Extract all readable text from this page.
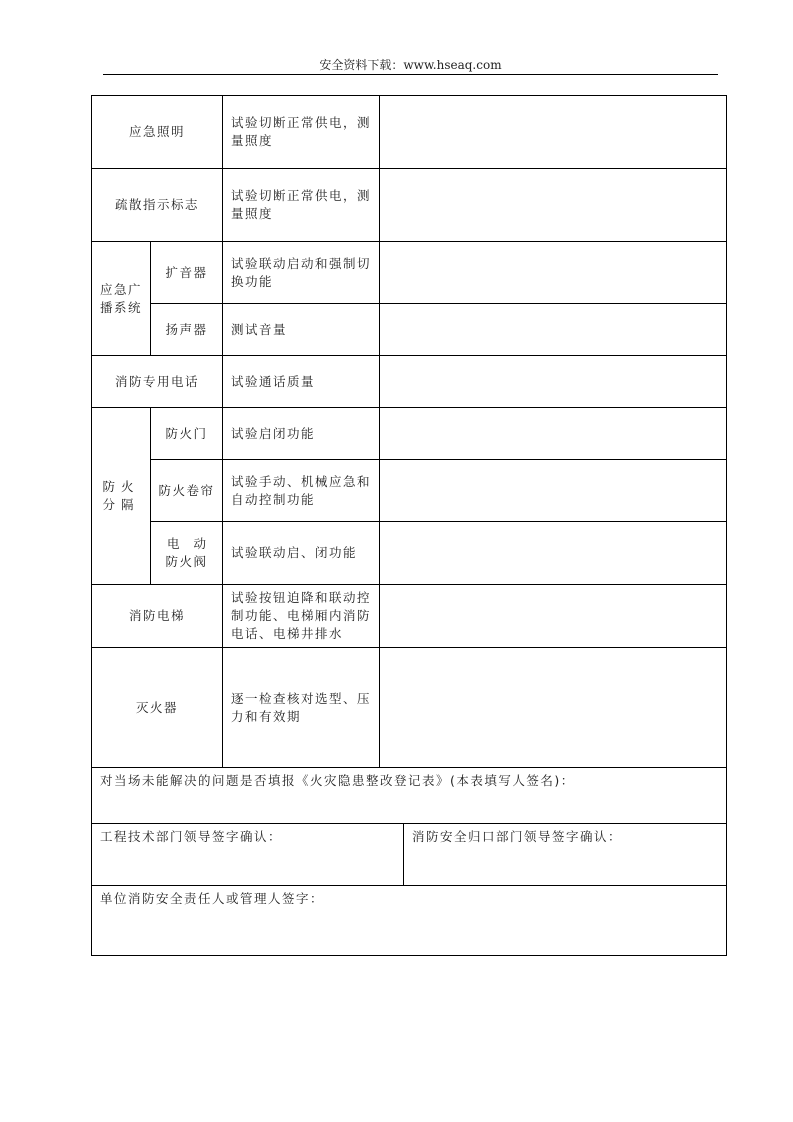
安全资料下载：www.hseaq.com
应急照明
试验切断正常供电，测量照度
疏散指示标志
试验切断正常供电，测量照度
应急广播系统
扩音器
试验联动启动和强制切换功能
扬声器 测试音量
消防专用电话	试验通话质量
防火
分隔
防火门 试验启闭功能
防火卷帘
试验手动、机械应急和自动控制功能
电动
防火阀
试验联动启、闭功能
消防电梯
试验按钮迫降和联动控制功能、电梯厢内消防电话、电梯井排水
灭火器
逐一检查核对选型、压力和有效期
对当场未能解决的问题是否填报《火灾隐患整改登记表》(本表填写人签名)：
工程技术部门领导签字确认：	消防安全归口部门领导签字确认：
单位消防安全责任人或管理人签字：
